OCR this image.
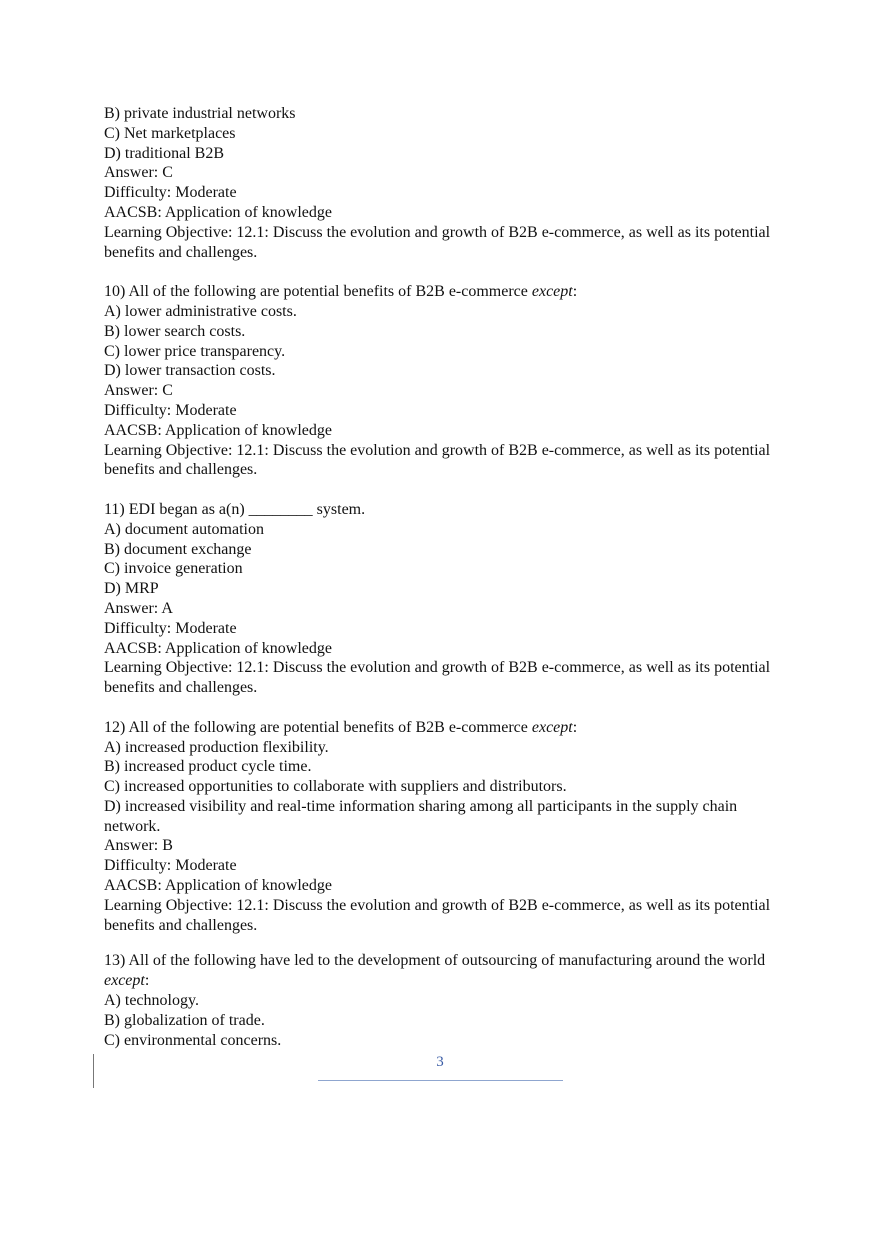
B) private industrial networks
C) Net marketplaces
D) traditional B2B
Answer: C
Difficulty: Moderate
AACSB: Application of knowledge
Learning Objective: 12.1: Discuss the evolution and growth of B2B e-commerce, as well as its potential benefits and challenges.
10) All of the following are potential benefits of B2B e-commerce except:
A) lower administrative costs.
B) lower search costs.
C) lower price transparency.
D) lower transaction costs.
Answer: C
Difficulty: Moderate
AACSB: Application of knowledge
Learning Objective: 12.1: Discuss the evolution and growth of B2B e-commerce, as well as its potential benefits and challenges.
11) EDI began as a(n) ________ system.
A) document automation
B) document exchange
C) invoice generation
D) MRP
Answer: A
Difficulty: Moderate
AACSB: Application of knowledge
Learning Objective: 12.1: Discuss the evolution and growth of B2B e-commerce, as well as its potential benefits and challenges.
12) All of the following are potential benefits of B2B e-commerce except:
A) increased production flexibility.
B) increased product cycle time.
C) increased opportunities to collaborate with suppliers and distributors.
D) increased visibility and real-time information sharing among all participants in the supply chain network.
Answer: B
Difficulty: Moderate
AACSB: Application of knowledge
Learning Objective: 12.1: Discuss the evolution and growth of B2B e-commerce, as well as its potential benefits and challenges.
13) All of the following have led to the development of outsourcing of manufacturing around the world except:
A) technology.
B) globalization of trade.
C) environmental concerns.
3
